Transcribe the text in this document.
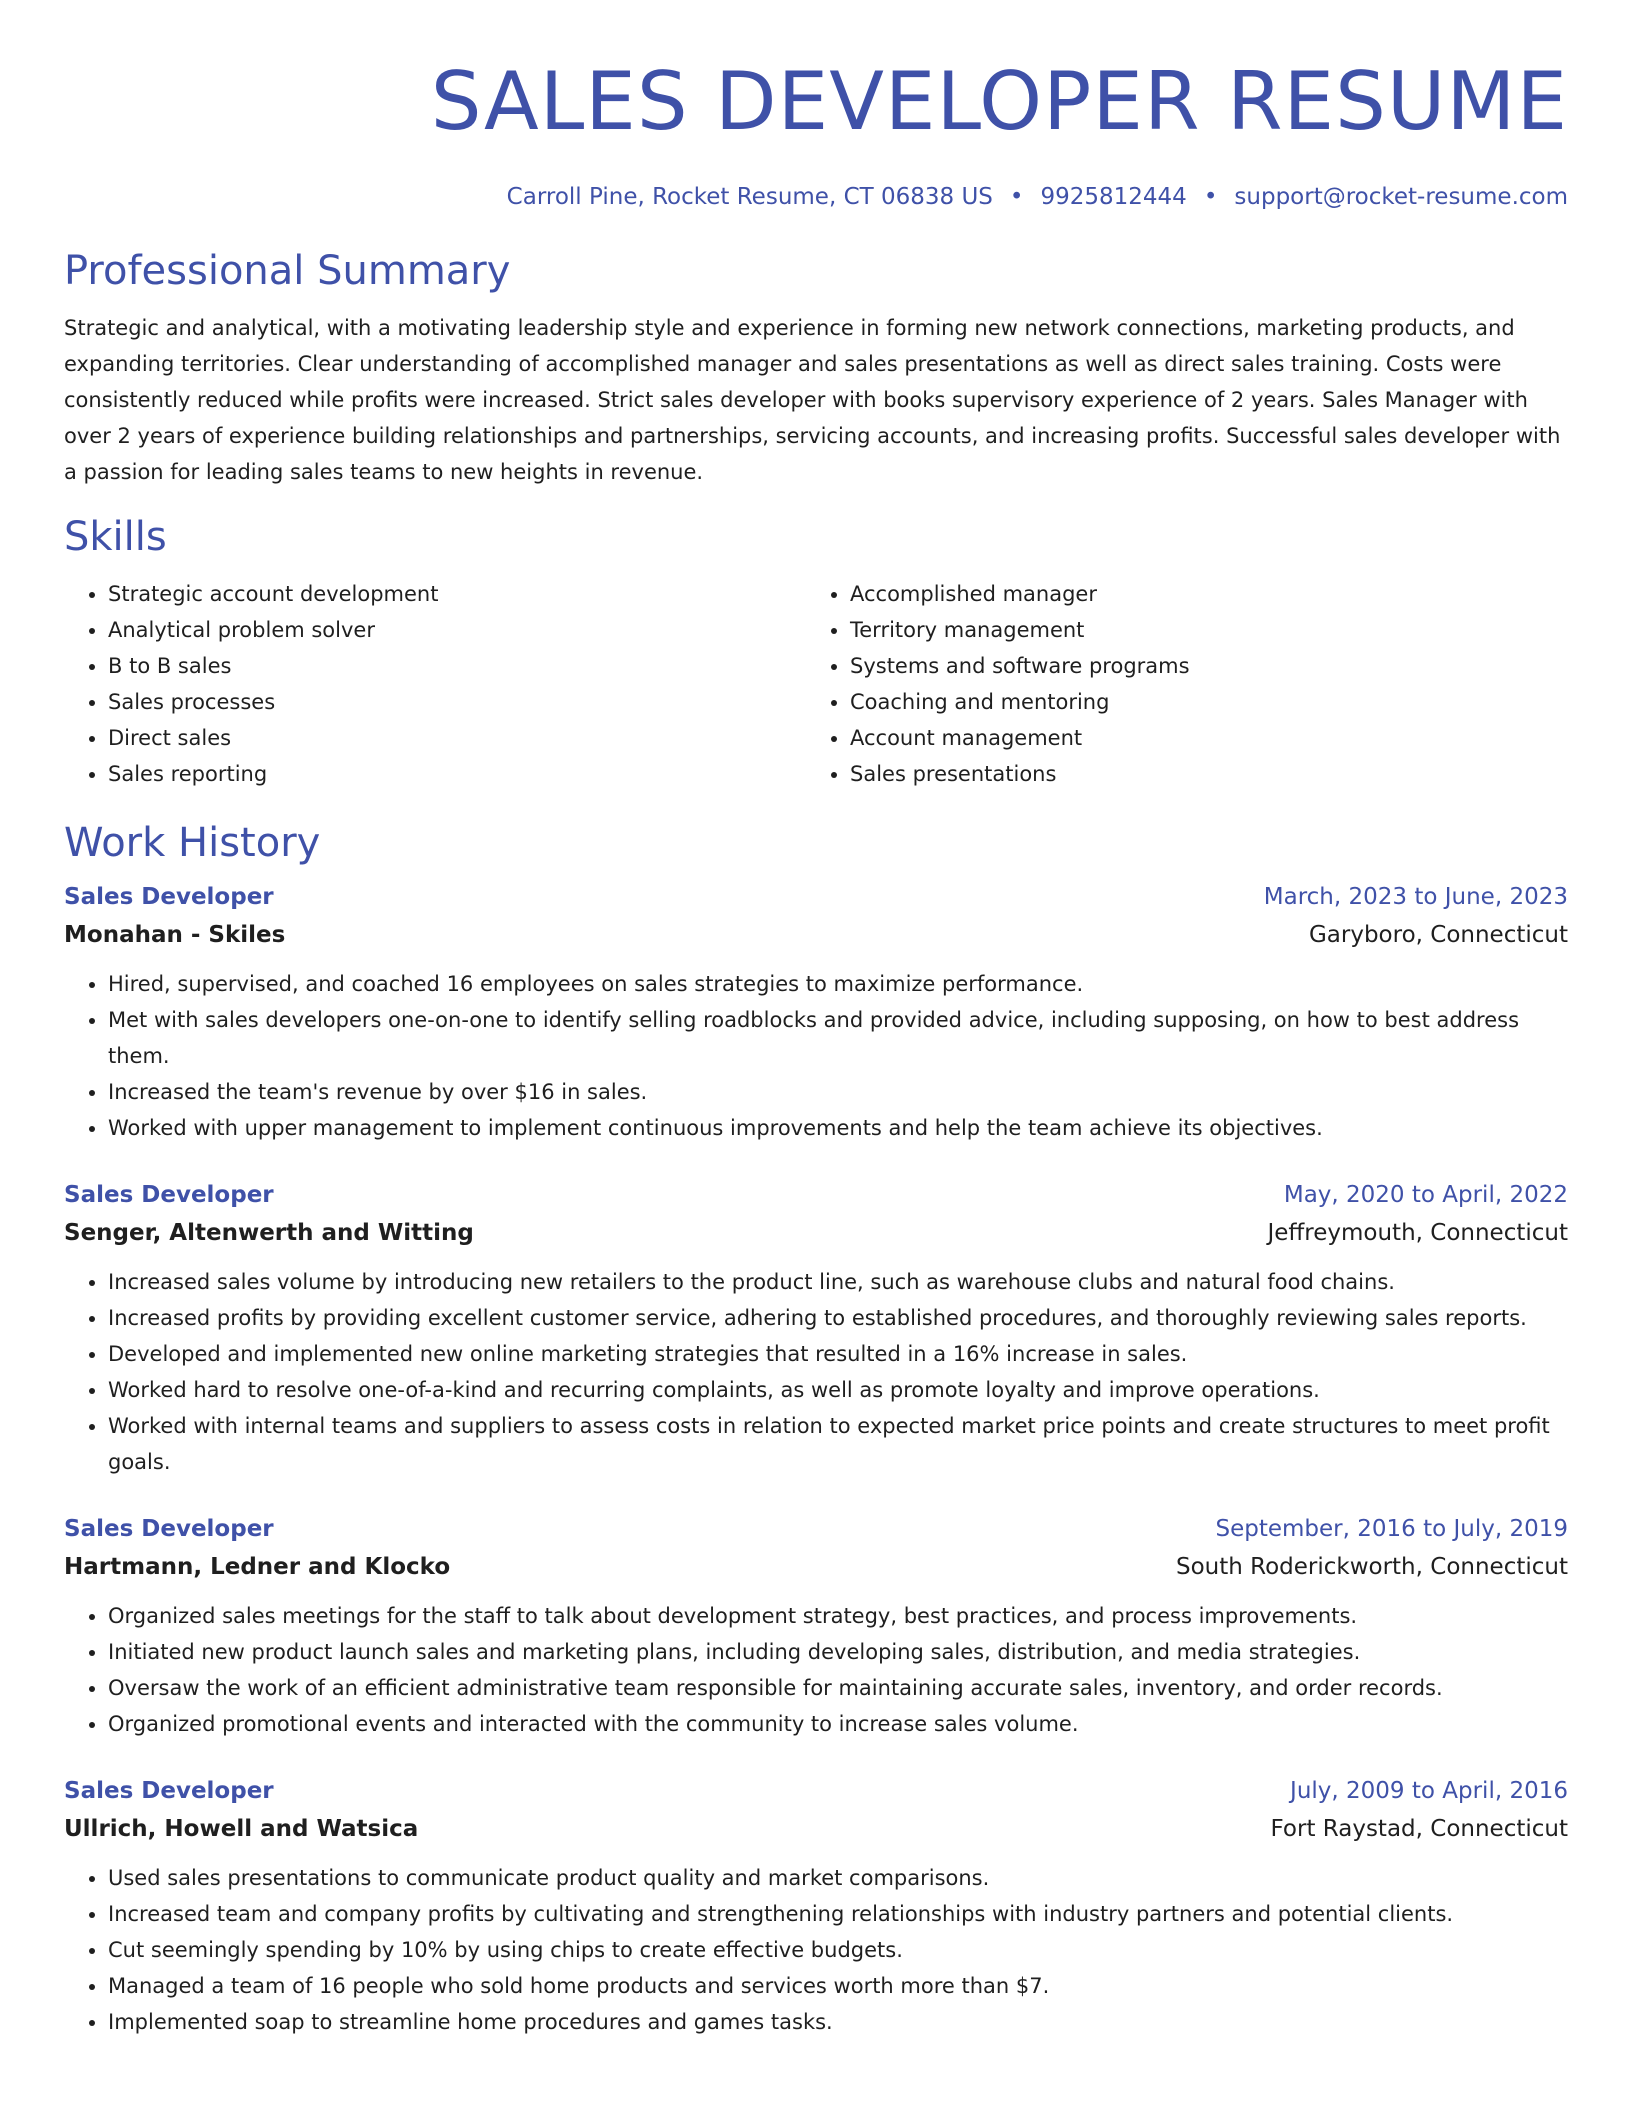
SALES DEVELOPER RESUME
Carroll Pine, Rocket Resume, CT 06838 US • 9925812444 • support@rocket-resume.com
Professional Summary

Strategic and analytical, with a motivating leadership style and experience in forming new network connections, marketing products, and expanding territories. Clear understanding of accomplished manager and sales presentations as well as direct sales training. Costs were consistently reduced while profits were increased. Strict sales developer with books supervisory experience of 2 years. Sales Manager with over 2 years of experience building relationships and partnerships, servicing accounts, and increasing profits. Successful sales developer with a passion for leading sales teams to new heights in revenue.

Skills
• Strategic account development
• Analytical problem solver
• B to B sales
• Sales processes
• Direct sales
• Sales reporting
• Accomplished manager
• Territory management
• Systems and software programs
• Coaching and mentoring
• Account management
• Sales presentations
Work History
Sales Developer	March, 2023 to June, 2023
Monahan - Skiles	Garyboro, Connecticut
• Hired, supervised, and coached 16 employees on sales strategies to maximize performance.
• Met with sales developers one-on-one to identify selling roadblocks and provided advice, including supposing, on how to best address them.
• Increased the team's revenue by over $16 in sales.
• Worked with upper management to implement continuous improvements and help the team achieve its objectives.
Sales Developer	May, 2020 to April, 2022
Senger, Altenwerth and Witting	Jeffreymouth, Connecticut
• Increased sales volume by introducing new retailers to the product line, such as warehouse clubs and natural food chains.
• Increased profits by providing excellent customer service, adhering to established procedures, and thoroughly reviewing sales reports.
• Developed and implemented new online marketing strategies that resulted in a 16% increase in sales.
• Worked hard to resolve one-of-a-kind and recurring complaints, as well as promote loyalty and improve operations.
• Worked with internal teams and suppliers to assess costs in relation to expected market price points and create structures to meet profit goals.
Sales Developer	September, 2016 to July, 2019
Hartmann, Ledner and Klocko	South Roderickworth, Connecticut
• Organized sales meetings for the staff to talk about development strategy, best practices, and process improvements.
• Initiated new product launch sales and marketing plans, including developing sales, distribution, and media strategies.
• Oversaw the work of an efficient administrative team responsible for maintaining accurate sales, inventory, and order records.
• Organized promotional events and interacted with the community to increase sales volume.
Sales Developer	July, 2009 to April, 2016
Ullrich, Howell and Watsica	Fort Raystad, Connecticut
• Used sales presentations to communicate product quality and market comparisons.
• Increased team and company profits by cultivating and strengthening relationships with industry partners and potential clients.
• Cut seemingly spending by 10% by using chips to create effective budgets.
• Managed a team of 16 people who sold home products and services worth more than $7.
• Implemented soap to streamline home procedures and games tasks.
